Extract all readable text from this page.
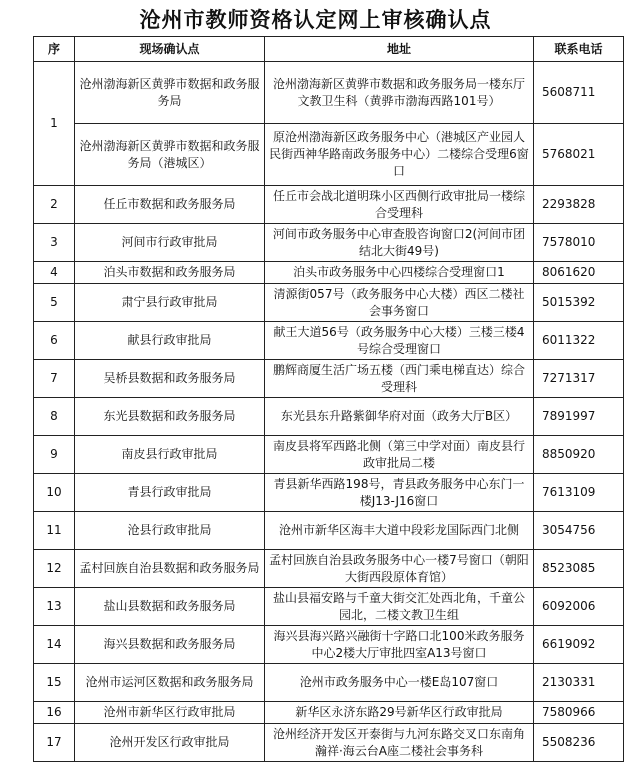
沧州市教师资格认定网上审核确认点
序	现场确认点	地址	联系电话
1	沧州渤海新区黄骅市数据和政务服务局	沧州渤海新区黄骅市数据和政务服务局一楼东厅文教卫生科（黄骅市渤海西路101号）	5608711
	沧州渤海新区黄骅市数据和政务服务局（港城区）	原沧州渤海新区政务服务中心（港城区产业园人民街西神华路南政务服务中心）二楼综合受理6窗口	5768021
2	任丘市数据和政务服务局	任丘市会战北道明珠小区西侧行政审批局一楼综合受理科	2293828
3	河间市行政审批局	河间市政务服务中心审查股咨询窗口2(河间市团结北大街49号)	7578010
4	泊头市数据和政务服务局	泊头市政务服务中心四楼综合受理窗口1	8061620
5	肃宁县行政审批局	清源街057号（政务服务中心大楼）西区二楼社会事务窗口	5015392
6	献县行政审批局	献王大道56号（政务服务中心大楼）三楼三楼4号综合受理窗口	6011322
7	吴桥县数据和政务服务局	鹏辉商厦生活广场五楼（西门乘电梯直达）综合受理科	7271317
8	东光县数据和政务服务局	东光县东升路紫御华府对面（政务大厅B区）	7891997
9	南皮县行政审批局	南皮县将军西路北侧（第三中学对面）南皮县行政审批局二楼	8850920
10	青县行政审批局	青县新华西路198号，青县政务服务中心东门一楼J13-J16窗口	7613109
11	沧县行政审批局	沧州市新华区海丰大道中段彩龙国际西门北侧	3054756
12	孟村回族自治县数据和政务服务局	孟村回族自治县政务服务中心一楼7号窗口（朝阳大街西段原体育馆）	8523085
13	盐山县数据和政务服务局	盐山县福安路与千童大街交汇处西北角，千童公园北，二楼文教卫生组	6092006
14	海兴县数据和政务服务局	海兴县海兴路兴融街十字路口北100米政务服务中心2楼大厅审批四室A13号窗口	6619092
15	沧州市运河区数据和政务服务局	沧州市政务服务中心一楼E岛107窗口	2130331
16	沧州市新华区行政审批局	新华区永济东路29号新华区行政审批局	7580966
17	沧州开发区行政审批局	沧州经济开发区开泰街与九河东路交叉口东南角瀚祥·海云台A座二楼社会事务科	5508236
